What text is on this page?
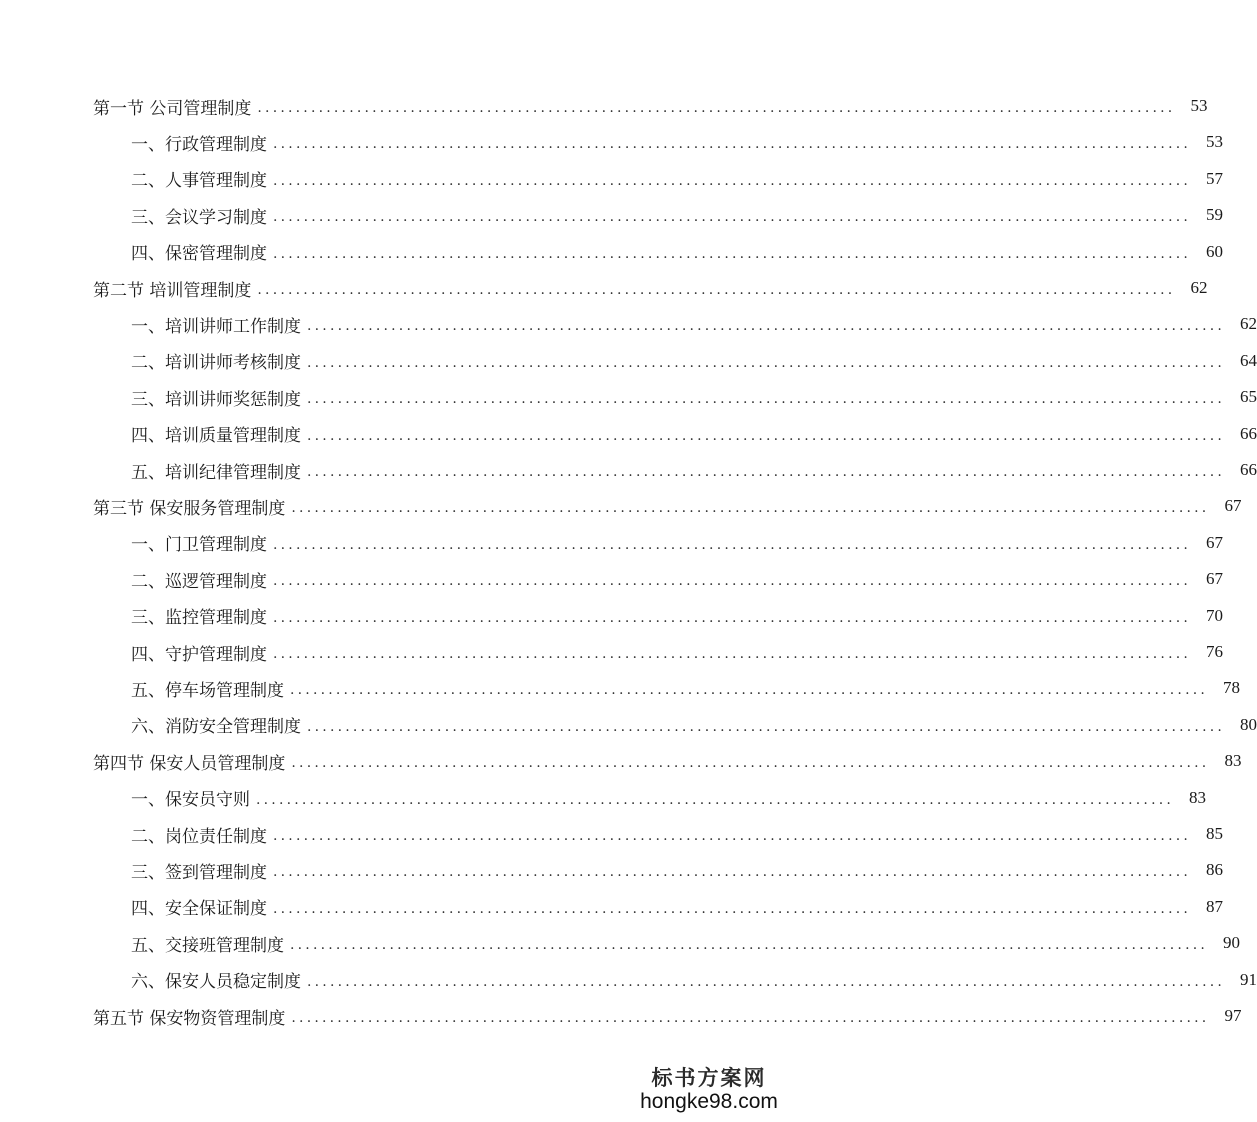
第一节 公司管理制度 ........................................................................................................................ 53
一、行政管理制度 ........................................................................................................................ 53
二、人事管理制度 ........................................................................................................................ 57
三、会议学习制度 ........................................................................................................................ 59
四、保密管理制度 ........................................................................................................................ 60
第二节 培训管理制度 ........................................................................................................................ 62
一、培训讲师工作制度 ........................................................................................................................ 62
二、培训讲师考核制度 ........................................................................................................................ 64
三、培训讲师奖惩制度 ........................................................................................................................ 65
四、培训质量管理制度 ........................................................................................................................ 66
五、培训纪律管理制度 ........................................................................................................................ 66
第三节 保安服务管理制度 ........................................................................................................................ 67
一、门卫管理制度 ........................................................................................................................ 67
二、巡逻管理制度 ........................................................................................................................ 67
三、监控管理制度 ........................................................................................................................ 70
四、守护管理制度 ........................................................................................................................ 76
五、停车场管理制度 ........................................................................................................................ 78
六、消防安全管理制度 ........................................................................................................................ 80
第四节 保安人员管理制度 ........................................................................................................................ 83
一、保安员守则 ........................................................................................................................ 83
二、岗位责任制度 ........................................................................................................................ 85
三、签到管理制度 ........................................................................................................................ 86
四、安全保证制度 ........................................................................................................................ 87
五、交接班管理制度 ........................................................................................................................ 90
六、保安人员稳定制度 ........................................................................................................................ 91
第五节 保安物资管理制度 ........................................................................................................................ 97
标书方案网
hongke98.com
